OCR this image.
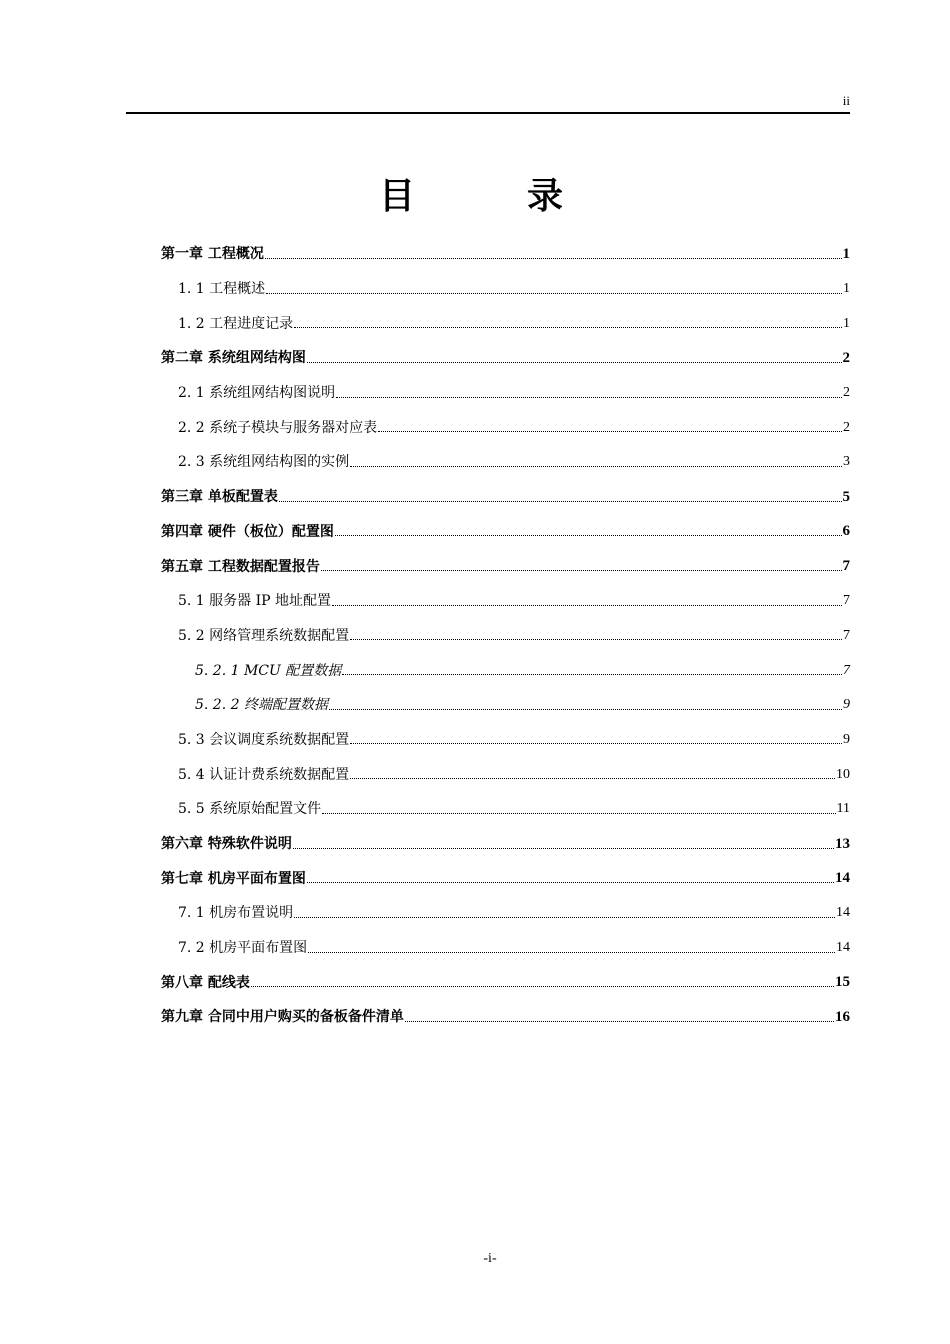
ii
目　录
第一章 工程概况	1
1. 1 工程概述	1
1. 2 工程进度记录	1
第二章 系统组网结构图	2
2. 1 系统组网结构图说明	2
2. 2 系统子模块与服务器对应表	2
2. 3 系统组网结构图的实例	3
第三章 单板配置表	5
第四章 硬件（板位）配置图	6
第五章 工程数据配置报告	7
5. 1 服务器 IP 地址配置	7
5. 2 网络管理系统数据配置	7
5. 2. 1 MCU 配置数据	7
5. 2. 2 终端配置数据	9
5. 3 会议调度系统数据配置	9
5. 4 认证计费系统数据配置	10
5. 5 系统原始配置文件	11
第六章 特殊软件说明	13
第七章 机房平面布置图	14
7. 1 机房布置说明	14
7. 2 机房平面布置图	14
第八章 配线表	15
第九章 合同中用户购买的备板备件清单	16
-i-
